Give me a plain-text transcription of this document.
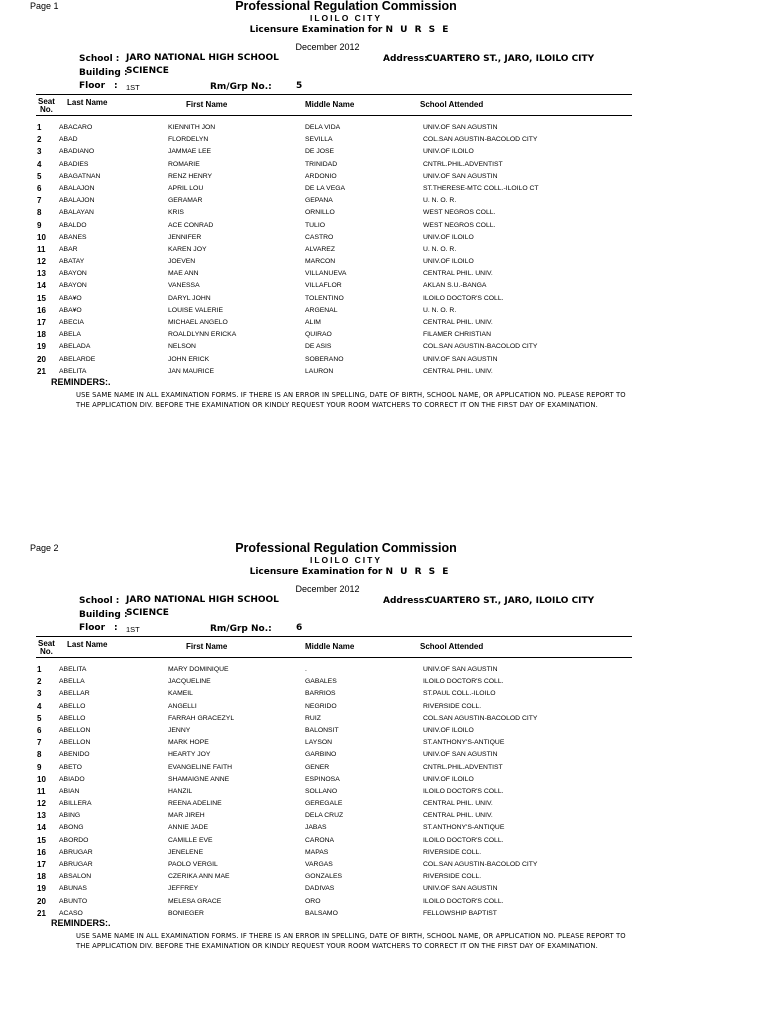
Page 1	Professional Regulation Commission
ILOILO CITY
Licensure Examination for N U R S E
December 2012
School : JARO NATIONAL HIGH SCHOOL	Address:
CUARTERO ST., JARO, ILOILO CITY
Building :
SCIENCE
Floor : 1ST	Rm/Grp No.:	5
Seat
No.
Last Name	First Name	Middle Name	School Attended
1	ABACARO	KIENNITH JON	DELA VIDA	UNIV.OF SAN AGUSTIN
2	ABAD	FLORDELYN	SEVILLA	COL.SAN AGUSTIN-BACOLOD CITY
3	ABADIANO	JAMMAE LEE	DE JOSE	UNIV.OF ILOILO
4	ABADIES	ROMARIE	TRINIDAD	CNTRL.PHIL.ADVENTIST
5	ABAGATNAN	RENZ HENRY	ARDONIO	UNIV.OF SAN AGUSTIN
6	ABALAJON	APRIL LOU	DE LA VEGA	ST.THERESE-MTC COLL.-ILOILO CT
7	ABALAJON	GERAMAR	GEPANA	U. N. O. R.
8	ABALAYAN	KRIS	ORNILLO	WEST NEGROS COLL.
9	ABALDO	ACE CONRAD	TULIO	WEST NEGROS COLL.
10 ABANES	JENNIFER	CASTRO	UNIV.OF ILOILO
11 ABAR	KAREN JOY	ALVAREZ	U. N. O. R.
12 ABATAY	JOEVEN	MARCON	UNIV.OF ILOILO
13 ABAYON	MAE ANN	VILLANUEVA	CENTRAL PHIL. UNIV.
14 ABAYON	VANESSA	VILLAFLOR	AKLAN S.U.-BANGA
15 ABA¥O	DARYL JOHN	TOLENTINO	ILOILO DOCTOR'S COLL.
16 ABA¥O	LOUISE VALERIE	ARGENAL	U. N. O. R.
17 ABECIA	MICHAEL ANGELO	ALIM	CENTRAL PHIL. UNIV.
18 ABELA	ROALDLYNN ERICKA	QUIRAO	FILAMER CHRISTIAN
19 ABELADA	NELSON	DE ASIS	COL.SAN AGUSTIN-BACOLOD CITY
20 ABELARDE	JOHN ERICK	SOBERANO	UNIV.OF SAN AGUSTIN
21 ABELITA	JAN MAURICE	LAURON	CENTRAL PHIL. UNIV.
REMINDERS:.
USE SAME NAME IN ALL EXAMINATION FORMS. IF THERE IS AN ERROR IN SPELLING, DATE OF BIRTH, SCHOOL NAME, OR APPLICATION NO. PLEASE REPORT TO THE APPLICATION DIV. BEFORE THE EXAMINATION OR KINDLY REQUEST YOUR ROOM WATCHERS TO CORRECT IT ON THE FIRST DAY OF EXAMINATION.
Page 2	Professional Regulation Commission
ILOILO CITY
Licensure Examination for N U R S E
December 2012
School : JARO NATIONAL HIGH SCHOOL	Address:
CUARTERO ST., JARO, ILOILO CITY
Building :
SCIENCE
Floor : 1ST	Rm/Grp No.:	6
Seat
No.
Last Name	First Name	Middle Name	School Attended
1	ABELITA	MARY DOMINIQUE	.	UNIV.OF SAN AGUSTIN
2	ABELLA	JACQUELINE	GABALES	ILOILO DOCTOR'S COLL.
3	ABELLAR	KAMEIL	BARRIOS	ST.PAUL COLL.-ILOILO
4	ABELLO	ANGELLI	NEGRIDO	RIVERSIDE COLL.
5	ABELLO	FARRAH GRACEZYL	RUIZ	COL.SAN AGUSTIN-BACOLOD CITY
6	ABELLON	JENNY	BALONSIT	UNIV.OF ILOILO
7	ABELLON	MARK HOPE	LAYSON	ST.ANTHONY'S-ANTIQUE
8	ABENIDO	HEARTY JOY	GARBINO	UNIV.OF SAN AGUSTIN
9	ABETO	EVANGELINE FAITH	GENER	CNTRL.PHIL.ADVENTIST
10 ABIADO	SHAMAIGNE ANNE	ESPINOSA	UNIV.OF ILOILO
11 ABIAN	HANZIL	SOLLANO	ILOILO DOCTOR'S COLL.
12 ABILLERA	REENA ADELINE	GEREGALE	CENTRAL PHIL. UNIV.
13 ABING	MAR JIREH	DELA CRUZ	CENTRAL PHIL. UNIV.
14 ABONG	ANNIE JADE	JABAS	ST.ANTHONY'S-ANTIQUE
15 ABORDO	CAMILLE EVE	CARONA	ILOILO DOCTOR'S COLL.
16 ABRUGAR	JENELENE	MAPAS	RIVERSIDE COLL.
17 ABRUGAR	PAOLO VERGIL	VARGAS	COL.SAN AGUSTIN-BACOLOD CITY
18 ABSALON	CZERIKA ANN MAE	GONZALES	RIVERSIDE COLL.
19 ABUNAS	JEFFREY	DADIVAS	UNIV.OF SAN AGUSTIN
20 ABUNTO	MELESA GRACE	ORO	ILOILO DOCTOR'S COLL.
21 ACASO	BONIEGER	BALSAMO	FELLOWSHIP BAPTIST
REMINDERS:.
USE SAME NAME IN ALL EXAMINATION FORMS. IF THERE IS AN ERROR IN SPELLING, DATE OF BIRTH, SCHOOL NAME, OR APPLICATION NO. PLEASE REPORT TO THE APPLICATION DIV. BEFORE THE EXAMINATION OR KINDLY REQUEST YOUR ROOM WATCHERS TO CORRECT IT ON THE FIRST DAY OF EXAMINATION.
